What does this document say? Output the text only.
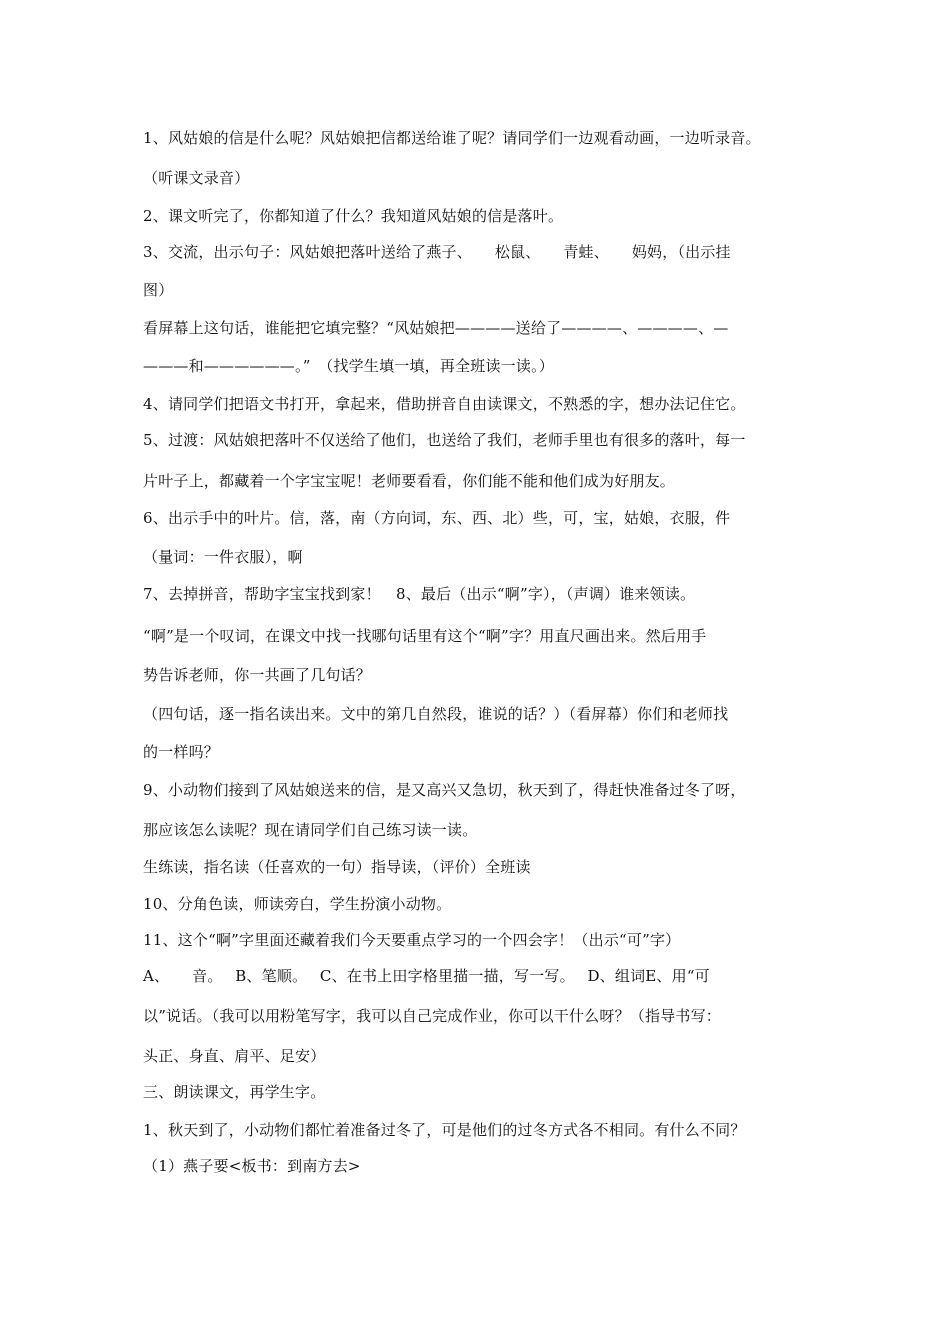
1、风姑娘的信是什么呢？风姑娘把信都送给谁了呢？请同学们一边观看动画，一边听录音。
（听课文录音）
2、课文听完了，你都知道了什么？我知道风姑娘的信是落叶。
3、交流，出示句子：风姑娘把落叶送给了燕子、　　松鼠、　　青蛙、　　妈妈，（出示挂
图）
看屏幕上这句话，谁能把它填完整？“风姑娘把————送给了————、————、—
———和——————。”　（找学生填一填，再全班读一读。）
4、请同学们把语文书打开，拿起来，借助拼音自由读课文，不熟悉的字，想办法记住它。
5、过渡：风姑娘把落叶不仅送给了他们，也送给了我们，老师手里也有很多的落叶，每一
片叶子上，都藏着一个字宝宝呢！老师要看看，你们能不能和他们成为好朋友。
6、出示手中的叶片。信，落，南（方向词，东、西、北）些，可，宝，姑娘，衣服，件
（量词：一件衣服），啊
7、去掉拼音，帮助字宝宝找到家！　8、最后（出示“啊”字），（声调）谁来领读。
“啊”是一个叹词，在课文中找一找哪句话里有这个“啊”字？用直尺画出来。然后用手
势告诉老师，你一共画了几句话？
（四句话，逐一指名读出来。文中的第几自然段，谁说的话？）（看屏幕）你们和老师找
的一样吗？
9、小动物们接到了风姑娘送来的信，是又高兴又急切，秋天到了，得赶快准备过冬了呀，
那应该怎么读呢？现在请同学们自己练习读一读。
生练读，指名读（任喜欢的一句）指导读，（评价）全班读
10、分角色读，师读旁白，学生扮演小动物。
11、这个“啊”字里面还藏着我们今天要重点学习的一个四会字！（出示“可”字）
A、　　音。　 B、笔顺。　 C、在书上田字格里描一描，写一写。　 D、组词E、用“可
以”说话。（我可以用粉笔写字，我可以自己完成作业，你可以干什么呀？（指导书写：
头正、身直、肩平、足安）
三、朗读课文，再学生字。
1、秋天到了，小动物们都忙着准备过冬了，可是他们的过冬方式各不相同。有什么不同？
（1）燕子要<板书：到南方去>
